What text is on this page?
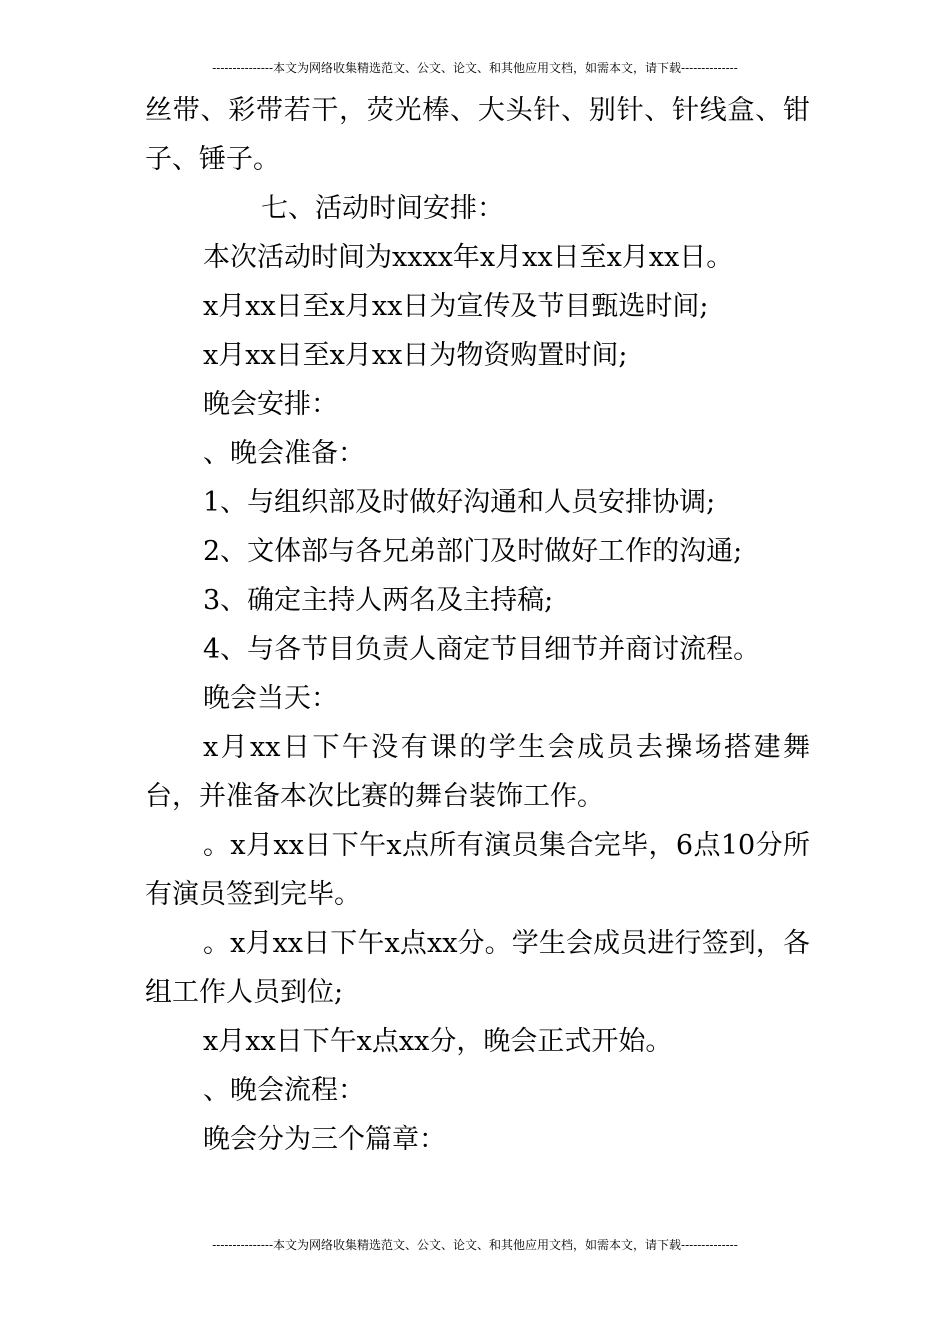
---------------本文为网络收集精选范文、公文、论文、和其他应用文档，如需本文，请下载--------------

丝带、彩带若干，荧光棒、大头针、别针、针线盒、钳子、锤子。

七、活动时间安排：

本次活动时间为xxxx年x月xx日至x月xx日。

x月xx日至x月xx日为宣传及节目甄选时间;

x月xx日至x月xx日为物资购置时间;

晚会安排：

、晚会准备：

1、与组织部及时做好沟通和人员安排协调;

2、文体部与各兄弟部门及时做好工作的沟通;

3、确定主持人两名及主持稿;

4、与各节目负责人商定节目细节并商讨流程。

晚会当天：

x月xx日下午没有课的学生会成员去操场搭建舞台，并准备本次比赛的舞台装饰工作。

。x月xx日下午x点所有演员集合完毕，6点10分所有演员签到完毕。

。x月xx日下午x点xx分。学生会成员进行签到，各组工作人员到位;

x月xx日下午x点xx分，晚会正式开始。

、晚会流程：

晚会分为三个篇章：

---------------本文为网络收集精选范文、公文、论文、和其他应用文档，如需本文，请下载--------------
